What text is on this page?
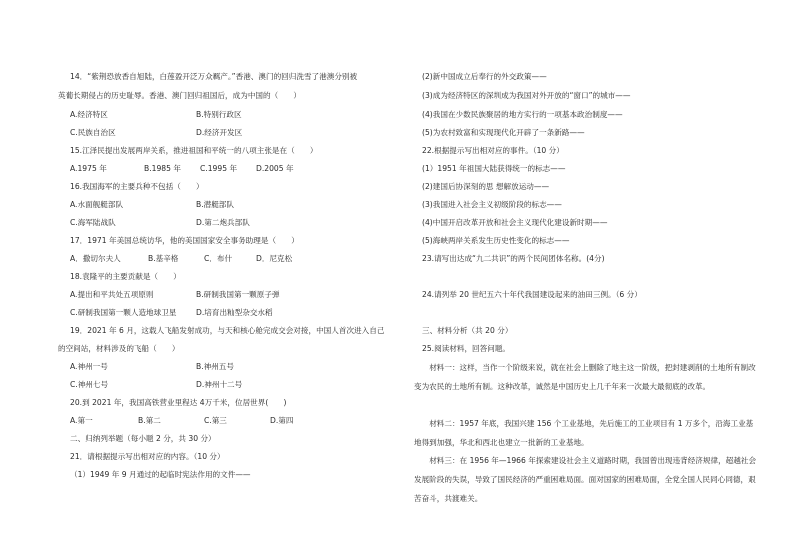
14．“紫荆恐放香自旭陆，白莲盈开泛万众羁产。”香港、澳门的回归洗雪了港澳分别被
英葡长期侵占的历史耻辱。香港、澳门回归祖国后，成为中国的（　　）
A.经济特区	B.特别行政区
C.民族自治区	D.经济开发区
15.江泽民提出发展两岸关系，推进祖国和平统一的八项主张是在（　　）
A.1975 年	B.1985 年	C.1995 年 D.2005 年
16.我国海军的主要兵种不包括（　　）
A.水面舰艇部队	B.潜艇部队
C.海军陆战队	D.第二炮兵部队
17．1971 年美国总统访华，他的美国国家安全事务助理是（　　）
A．撒切尔夫人	B.基辛格	C．布什	D．尼克松
18.袁隆平的主要贡献是（　　）
A.提出和平共处五项原则	B.研制我国第一颗原子弹
C.研制我国第一颗人造地球卫星	D.培育出籼型杂交水稻
19．2021 年 6 月，这载人飞船发射成功，与天和核心舱完成交会对接，中国人首次进入自己
的空间站，材料涉及的飞船（　　）
A.神州一号	B.神州五号
C.神州七号	D.神州十二号
20.到 2021 年，我国高铁营业里程达 4万千米，位居世界(　　)
A.第一	B.第二	C.第三	D.第四
二、归纳列举题（每小题 2 分，共 30 分）
21．请根据提示写出相对应的内容。（10 分）
（1）1949 年 9 月通过的起临时宪法作用的文件——
(2)新中国成立后奉行的外交政策——
(3)成为经济特区的深圳成为我国对外开放的“窗口”的城市——
(4)我国在少数民族聚居的地方实行的一项基本政治制度——
(5)为农村致富和实现现代化开辟了一条新路——
22.根据提示写出相对应的事件。（10 分）
(1）1951 年祖国大陆获得统一的标志——
(2)建国后协深刻的思 想解放运动——
(3)我国进入社会主义初级阶段的标志——
(4)中国开启改革开放和社会主义现代化建设新时期——
(5)海峡两岸关系发生历史性变化的标志——
23.请写出达成“九二共识”的两个民间团体名称。(4分)
24.请列举 20 世纪五六十年代我国建设起来的油田三例。（6 分）
三、材料分析（共 20 分）
25.阅读材料，回答问题。
材料一：这样，当作一个阶级来说，就在社会上删除了地主这一阶级，把封建剥削的土地所有制改变为农民的土地所有制。这种改革，诚然是中国历史上几千年来一次最大最彻底的改革。
材料二：1957 年底，我国兴建 156 个工业基地，先后施工的工业项目有 1 万多个，沿海工业基地得到加强，华北和西北也建立一批新的工业基地。
材料三：在 1956 年—1966 年探索建设社会主义道路时期，我国曾出现违背经济规律，超越社会发展阶段的失误，导致了国民经济的严重困难局面。面对国家的困难局面，全党全国人民同心同德，艰苦奋斗，共渡难关。
